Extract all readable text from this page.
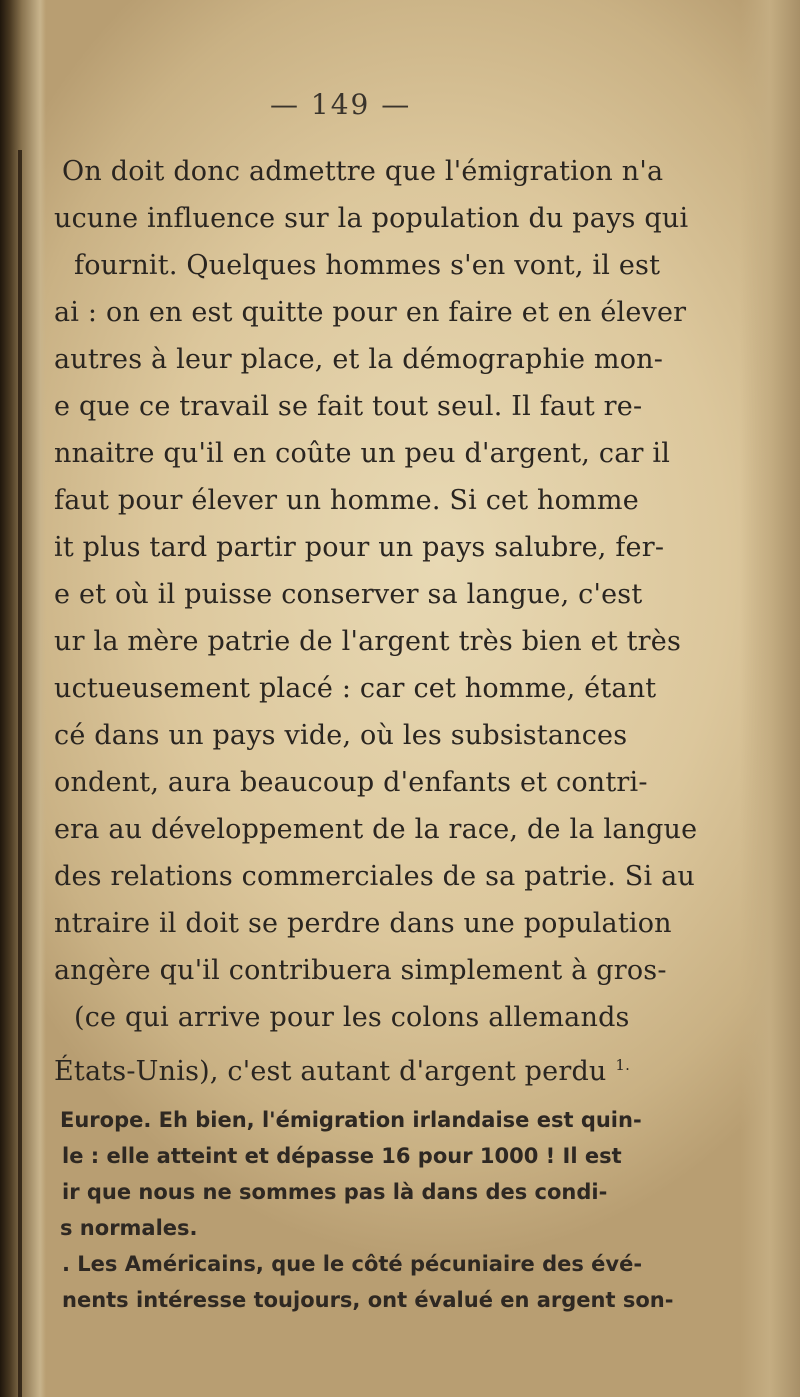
— 149 —
On doit donc admettre que l'émigration n'a
ucune influence sur la population du pays qui
fournit. Quelques hommes s'en vont, il est
ai : on en est quitte pour en faire et en élever
autres à leur place, et la démographie mon-
e que ce travail se fait tout seul. Il faut re-
nnaitre qu'il en coûte un peu d'argent, car il
faut pour élever un homme. Si cet homme
it plus tard partir pour un pays salubre, fer-
e et où il puisse conserver sa langue, c'est
ur la mère patrie de l'argent très bien et très
uctueusement placé : car cet homme, étant
cé dans un pays vide, où les subsistances
ondent, aura beaucoup d'enfants et contri-
era au développement de la race, de la langue
des relations commerciales de sa patrie. Si au
ntraire il doit se perdre dans une population
angère qu'il contribuera simplement à gros-
(ce qui arrive pour les colons allemands
États-Unis), c'est autant d'argent perdu $^{1.}$
Europe. Eh bien, l'émigration irlandaise est quin-
le : elle atteint et dépasse 16 pour 1000 ! Il est
ir que nous ne sommes pas là dans des condi-
s normales.
. Les Américains, que le côté pécuniaire des évé-
nents intéresse toujours, ont évalué en argent son-
